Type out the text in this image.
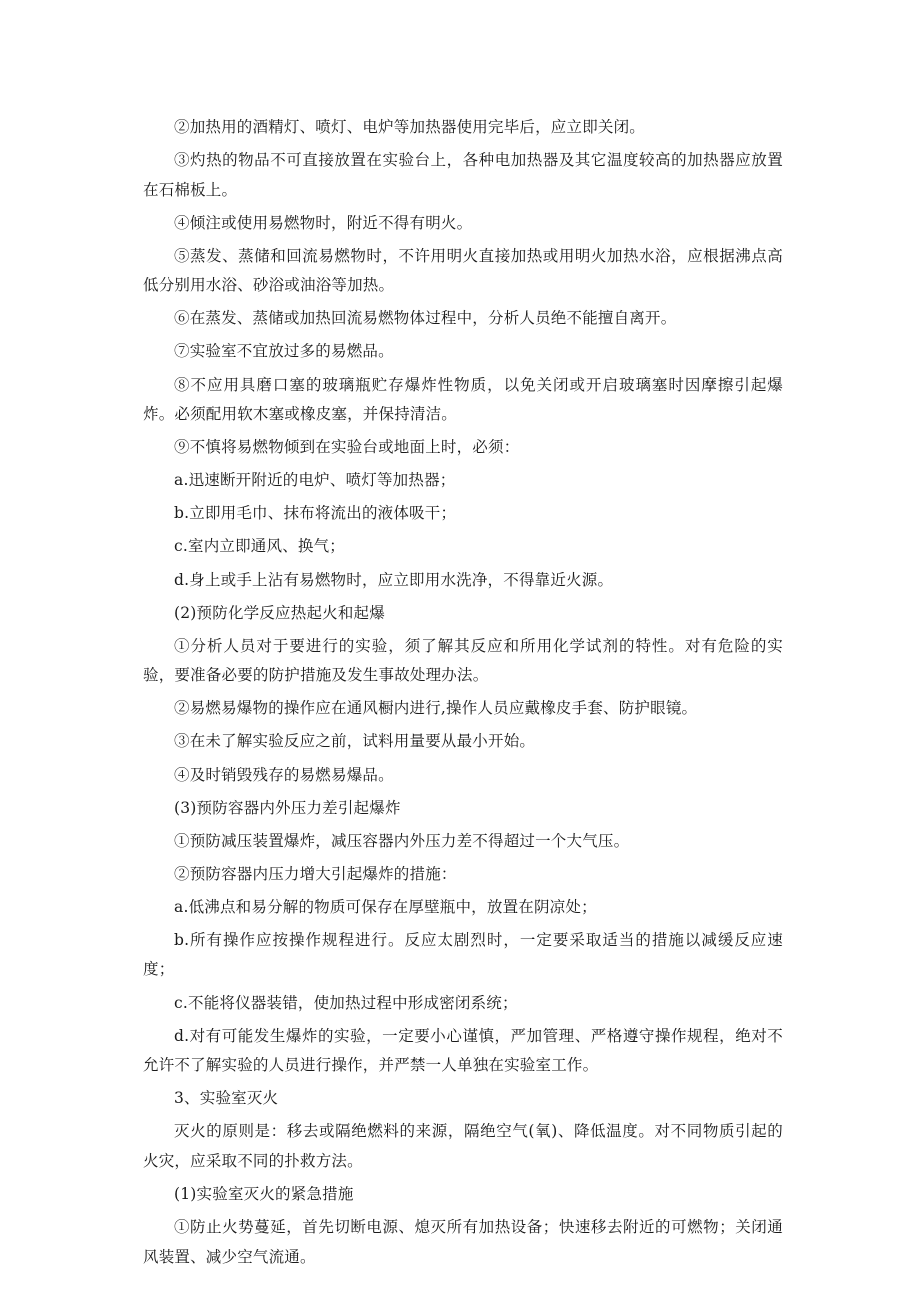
②加热用的酒精灯、喷灯、电炉等加热器使用完毕后，应立即关闭。

③灼热的物品不可直接放置在实验台上，各种电加热器及其它温度较高的加热器应放置在石棉板上。

④倾注或使用易燃物时，附近不得有明火。

⑤蒸发、蒸储和回流易燃物时，不许用明火直接加热或用明火加热水浴，应根据沸点高低分别用水浴、砂浴或油浴等加热。

⑥在蒸发、蒸储或加热回流易燃物体过程中，分析人员绝不能擅自离开。

⑦实验室不宜放过多的易燃品。

⑧不应用具磨口塞的玻璃瓶贮存爆炸性物质，以免关闭或开启玻璃塞时因摩擦引起爆炸。必须配用软木塞或橡皮塞，并保持清洁。

⑨不慎将易燃物倾到在实验台或地面上时，必须：

a.迅速断开附近的电炉、喷灯等加热器；

b.立即用毛巾、抹布将流出的液体吸干；

c.室内立即通风、换气；

d.身上或手上沾有易燃物时，应立即用水洗净，不得靠近火源。

(2)预防化学反应热起火和起爆

①分析人员对于要进行的实验，须了解其反应和所用化学试剂的特性。对有危险的实验，要准备必要的防护措施及发生事故处理办法。

②易燃易爆物的操作应在通风橱内进行,操作人员应戴橡皮手套、防护眼镜。

③在未了解实验反应之前，试料用量要从最小开始。

④及时销毁残存的易燃易爆品。

(3)预防容器内外压力差引起爆炸

①预防减压装置爆炸，减压容器内外压力差不得超过一个大气压。

②预防容器内压力增大引起爆炸的措施：

a.低沸点和易分解的物质可保存在厚壁瓶中，放置在阴凉处；

b.所有操作应按操作规程进行。反应太剧烈时，一定要采取适当的措施以减缓反应速度；

c.不能将仪器装错，使加热过程中形成密闭系统；

d.对有可能发生爆炸的实验，一定要小心谨慎，严加管理、严格遵守操作规程，绝对不允许不了解实验的人员进行操作，并严禁一人单独在实验室工作。

3、实验室灭火

灭火的原则是：移去或隔绝燃料的来源，隔绝空气(氧)、降低温度。对不同物质引起的火灾，应采取不同的扑救方法。

(1)实验室灭火的紧急措施

①防止火势蔓延，首先切断电源、熄灭所有加热设备；快速移去附近的可燃物；关闭通风装置、减少空气流通。
